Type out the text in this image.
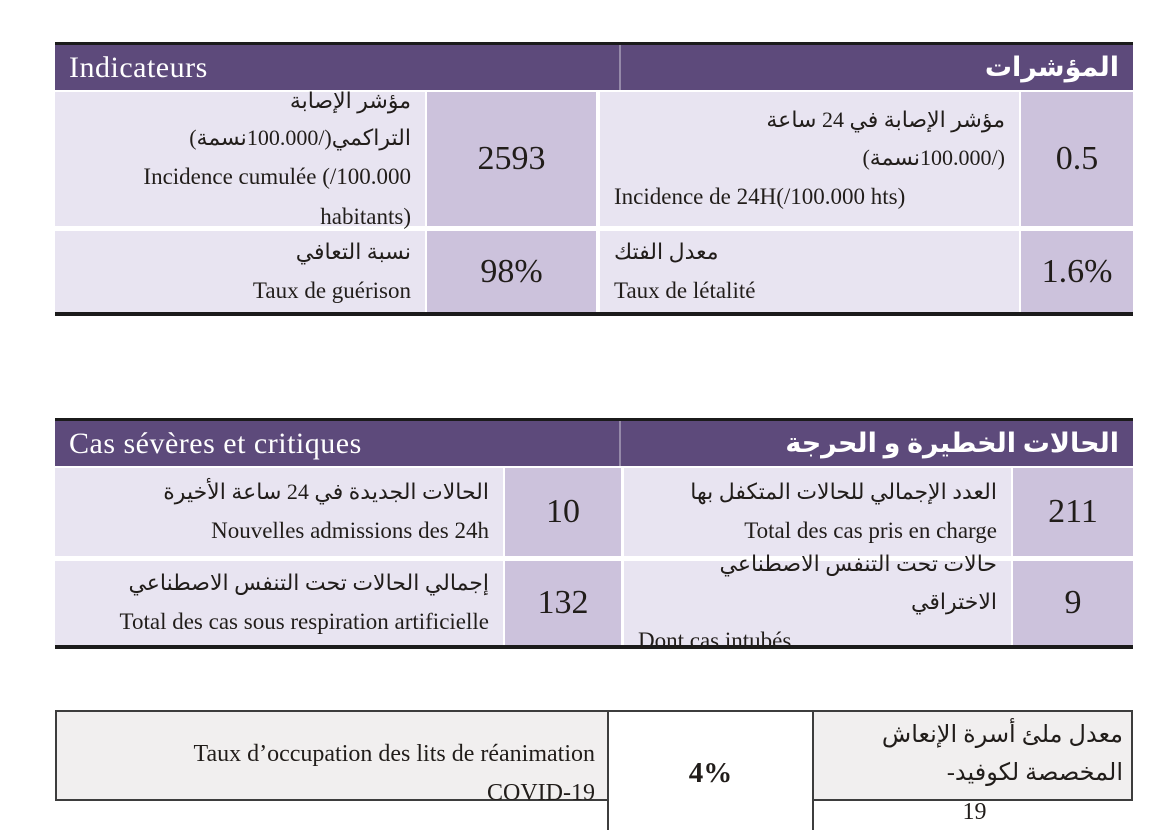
Indicateurs	المؤشرات
مؤشر الإصابة التراكمي(/100.000نسمة)
Incidence cumulée (/100.000 habitants)
2593
مؤشر الإصابة في 24 ساعة
(/100.000نسمة)
Incidence de 24H(/100.000 hts)
0.5
نسبة التعافي
Taux de guérison
98%
معدل الفتك
Taux de létalité
1.6%
Cas sévères et critiques	الحالات الخطيرة و الحرجة
الحالات الجديدة في 24 ساعة الأخيرة
Nouvelles admissions des 24h
10
العدد الإجمالي للحالات المتكفل بها
Total des cas pris en charge
211
إجمالي الحالات تحت التنفس الاصطناعي
Total des cas sous respiration artificielle
132
حالات تحت التنفس الاصطناعي الاختراقي
Dont cas intubés
9
Taux d’occupation des lits de réanimation
COVID-19
4%
معدل ملئ أسرة الإنعاش المخصصة لكوفيد-
19
